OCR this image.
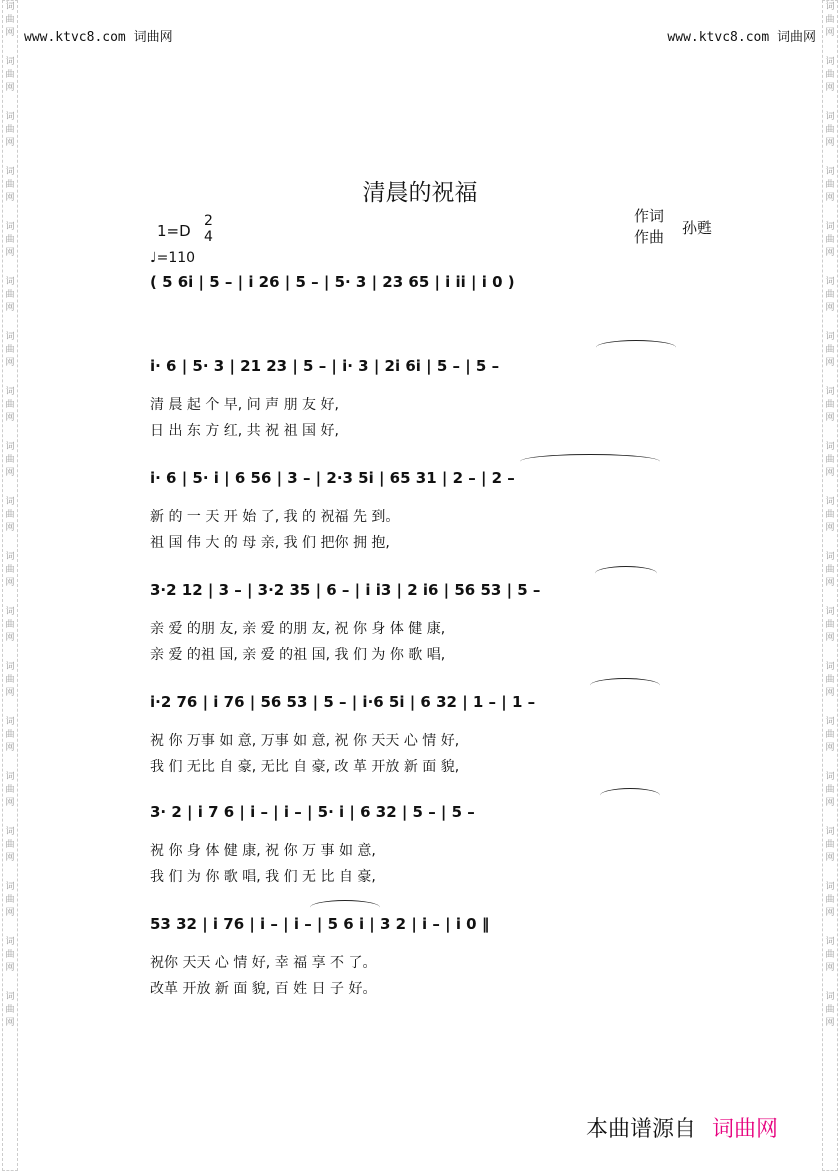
词曲网
词曲网
词曲网
词曲网
词曲网
词曲网
词曲网
词曲网
词曲网
词曲网
词曲网
词曲网
词曲网
词曲网
词曲网
词曲网
词曲网
词曲网
词曲网
词曲网
词曲网
词曲网
词曲网
词曲网
词曲网
词曲网
词曲网
词曲网
词曲网
词曲网
词曲网
词曲网
词曲网
词曲网
词曲网
词曲网
词曲网
词曲网
www.ktvc8.com 词曲网	www.ktvc8.com 词曲网
清晨的祝福
1=D
2
4
♩=110
作词
作曲 孙甦
( 5 6i | 5 – | i 26 | 5 – | 5· 3 | 23 65 | i ii | i 0 )
i· 6 | 5· 3 | 21 23 | 5 – | i· 3 | 2i 6i | 5 – | 5 –
清 晨 起 个 早, 问 声 朋 友 好,
日 出 东 方 红, 共 祝 祖 国 好,
i· 6 | 5· i | 6 56 | 3 – | 2·3 5i | 65 31 | 2 – | 2 –
新 的 一 天 开 始 了, 我 的 祝福 先 到。
祖 国 伟 大 的 母 亲, 我 们 把你 拥 抱,
3·2 12 | 3 – | 3·2 35 | 6 – | i i3 | 2 i6 | 56 53 | 5 –
亲 爱 的朋 友, 亲 爱 的朋 友, 祝 你 身 体 健 康,
亲 爱 的祖 国, 亲 爱 的祖 国, 我 们 为 你 歌 唱,
i·2 76 | i 76 | 56 53 | 5 – | i·6 5i | 6 32 | 1 – | 1 –
祝 你 万事 如 意, 万事 如 意, 祝 你 天天 心 情 好,
我 们 无比 自 豪, 无比 自 豪, 改 革 开放 新 面 貌,
3· 2 | i 7 6 | i – | i – | 5· i | 6 32 | 5 – | 5 –
祝 你 身 体 健 康, 祝 你 万 事 如 意,
我 们 为 你 歌 唱, 我 们 无 比 自 豪,
53 32 | i 76 | i – | i – | 5 6 i | 3 2 | i – | i 0 ‖
祝你 天天 心 情 好, 幸 福 享 不 了。
改革 开放 新 面 貌, 百 姓 日 子 好。
本曲谱源自 词曲网
